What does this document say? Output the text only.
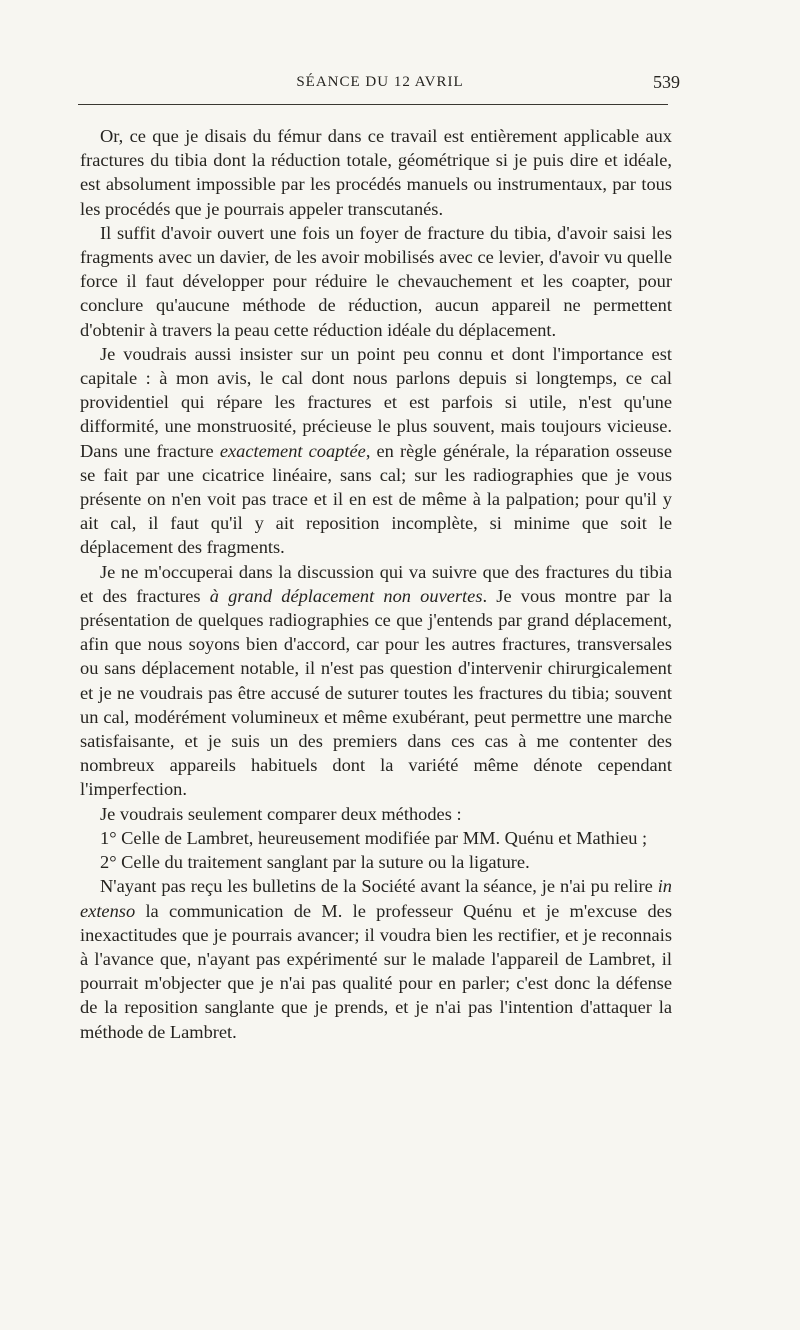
SÉANCE DU 12 AVRIL	539

Or, ce que je disais du fémur dans ce travail est entièrement applicable aux fractures du tibia dont la réduction totale, géométrique si je puis dire et idéale, est absolument impossible par les procédés manuels ou instrumentaux, par tous les procédés que je pourrais appeler transcutanés.

Il suffit d'avoir ouvert une fois un foyer de fracture du tibia, d'avoir saisi les fragments avec un davier, de les avoir mobilisés avec ce levier, d'avoir vu quelle force il faut développer pour réduire le chevauchement et les coapter, pour conclure qu'aucune méthode de réduction, aucun appareil ne permettent d'obtenir à travers la peau cette réduction idéale du déplacement.

Je voudrais aussi insister sur un point peu connu et dont l'importance est capitale : à mon avis, le cal dont nous parlons depuis si longtemps, ce cal providentiel qui répare les fractures et est parfois si utile, n'est qu'une difformité, une monstruosité, précieuse le plus souvent, mais toujours vicieuse. Dans une fracture exactement coaptée, en règle générale, la réparation osseuse se fait par une cicatrice linéaire, sans cal; sur les radiographies que je vous présente on n'en voit pas trace et il en est de même à la palpation; pour qu'il y ait cal, il faut qu'il y ait reposition incomplète, si minime que soit le déplacement des fragments.

Je ne m'occuperai dans la discussion qui va suivre que des fractures du tibia et des fractures à grand déplacement non ouvertes. Je vous montre par la présentation de quelques radiographies ce que j'entends par grand déplacement, afin que nous soyons bien d'accord, car pour les autres fractures, transversales ou sans déplacement notable, il n'est pas question d'intervenir chirurgicalement et je ne voudrais pas être accusé de suturer toutes les fractures du tibia; souvent un cal, modérément volumineux et même exubérant, peut permettre une marche satisfaisante, et je suis un des premiers dans ces cas à me contenter des nombreux appareils habituels dont la variété même dénote cependant l'imperfection.

Je voudrais seulement comparer deux méthodes :

1° Celle de Lambret, heureusement modifiée par MM. Quénu et Mathieu ;

2° Celle du traitement sanglant par la suture ou la ligature.

N'ayant pas reçu les bulletins de la Société avant la séance, je n'ai pu relire in extenso la communication de M. le professeur Quénu et je m'excuse des inexactitudes que je pourrais avancer; il voudra bien les rectifier, et je reconnais à l'avance que, n'ayant pas expérimenté sur le malade l'appareil de Lambret, il pourrait m'objecter que je n'ai pas qualité pour en parler; c'est donc la défense de la reposition sanglante que je prends, et je n'ai pas l'intention d'attaquer la méthode de Lambret.
